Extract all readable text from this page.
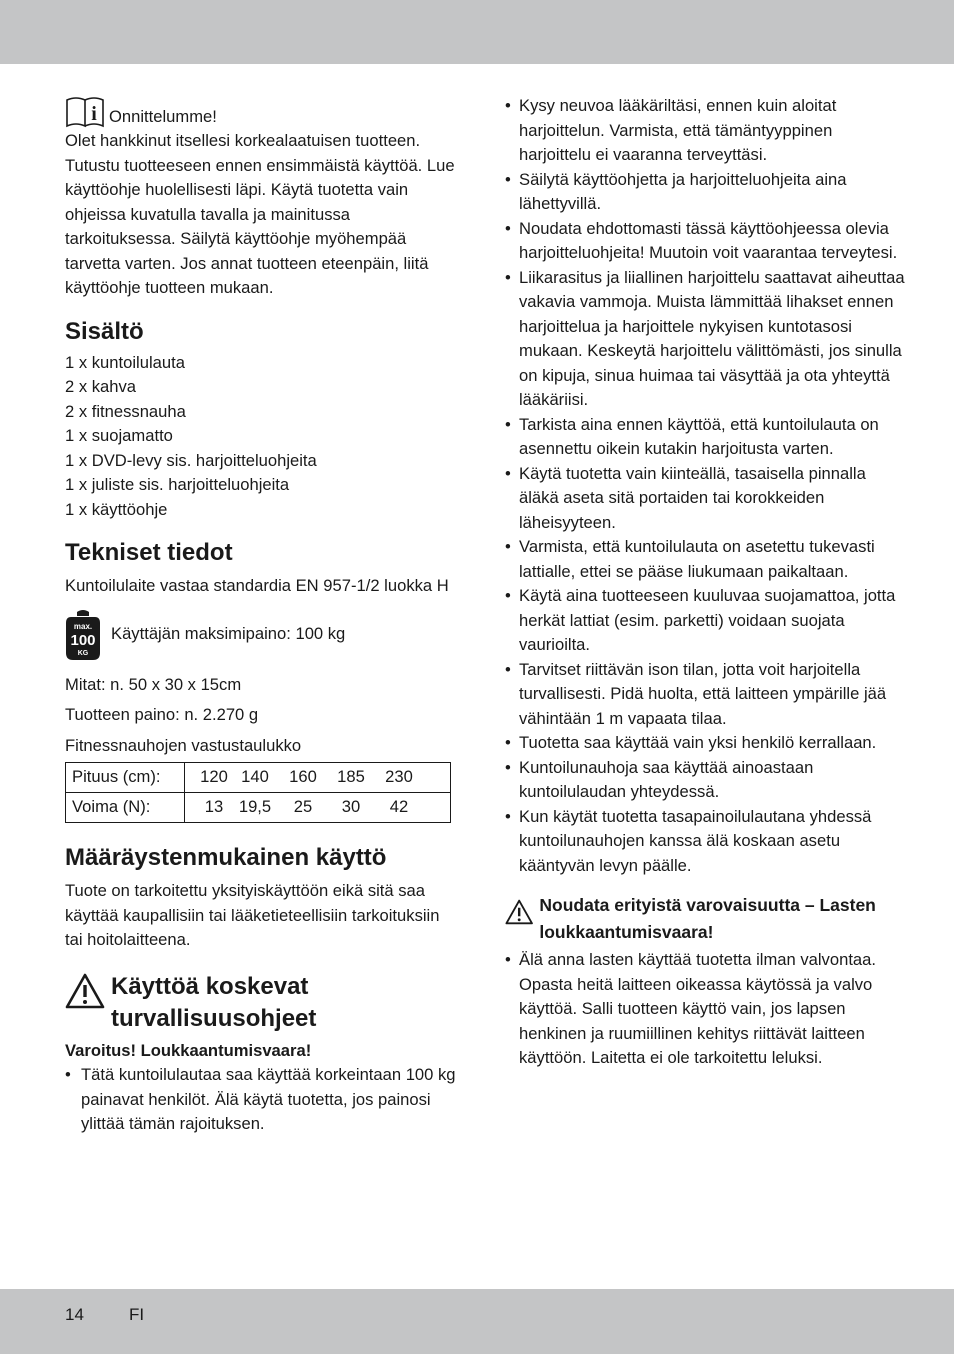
i Onnittelumme!

Olet hankkinut itsellesi korkealaatuisen tuotteen. Tutustu tuotteeseen ennen ensimmäistä käyttöä. Lue käyttöohje huolellisesti läpi. Käytä tuotetta vain ohjeissa kuvatulla tavalla ja mainitussa tarkoituksessa. Säilytä käyttöohje myöhempää tarvetta varten. Jos annat tuotteen eteenpäin, liitä käyttöohje tuotteen mukaan.

Sisältö
1 x kuntoilulauta
2 x kahva
2 x fitnessnauha
1 x suojamatto
1 x DVD-levy sis. harjoitteluohjeita
1 x juliste sis. harjoitteluohjeita
1 x käyttöohje
Tekniset tiedot

Kuntoilulaite vastaa standardia EN 957-1/2 luokka H

max.
100
KG
Käyttäjän maksimipaino: 100 kg

Mitat: n. 50 x 30 x 15cm

Tuotteen paino: n. 2.270 g

Fitnessnauhojen vastustaulukko

Pituus (cm):	120 140 160 185 230
Voima (N):	13 19,5 25 30 42
Määräystenmukainen käyttö

Tuote on tarkoitettu yksityiskäyttöön eikä sitä saa käyttää kaupallisiin tai lääketieteellisiin tarkoituksiin tai hoitolaitteena.

Käyttöä koskevat
turvallisuusohjeet

Varoitus! Loukkaantumisvaara!

• Tätä kuntoilulautaa saa käyttää korkeintaan 100 kg painavat henkilöt. Älä käytä tuotetta, jos painosi ylittää tämän rajoituksen.
• Kysy neuvoa lääkäriltäsi, ennen kuin aloitat harjoittelun. Varmista, että tämäntyyppinen harjoittelu ei vaaranna terveyttäsi.
• Säilytä käyttöohjetta ja harjoitteluohjeita aina lähettyvillä.
• Noudata ehdottomasti tässä käyttöohjeessa olevia harjoitteluohjeita! Muutoin voit vaarantaa terveytesi.
• Liikarasitus ja liiallinen harjoittelu saattavat aiheuttaa vakavia vammoja. Muista lämmittää lihakset ennen harjoittelua ja harjoittele nykyisen kuntotasosi mukaan. Keskeytä harjoittelu välittömästi, jos sinulla on kipuja, sinua huimaa tai väsyttää ja ota yhteyttä lääkäriisi.
• Tarkista aina ennen käyttöä, että kuntoilulauta on asennettu oikein kutakin harjoitusta varten.
• Käytä tuotetta vain kiinteällä, tasaisella pinnalla äläkä aseta sitä portaiden tai korokkeiden läheisyyteen.
• Varmista, että kuntoilulauta on asetettu tukevasti lattialle, ettei se pääse liukumaan paikaltaan.
• Käytä aina tuotteeseen kuuluvaa suojamattoa, jotta herkät lattiat (esim. parketti) voidaan suojata vaurioilta.
• Tarvitset riittävän ison tilan, jotta voit harjoitella turvallisesti. Pidä huolta, että laitteen ympärille jää vähintään 1 m vapaata tilaa.
• Tuotetta saa käyttää vain yksi henkilö kerrallaan.
• Kuntoilunauhoja saa käyttää ainoastaan kuntoilulaudan yhteydessä.
• Kun käytät tuotetta tasapainoilulautana yhdessä kuntoilunauhojen kanssa älä koskaan asetu kääntyvän levyn päälle.
Noudata erityistä varovaisuutta – Lasten loukkaantumisvaara!
• Älä anna lasten käyttää tuotetta ilman valvontaa. Opasta heitä laitteen oikeassa käytössä ja valvo käyttöä. Salli tuotteen käyttö vain, jos lapsen henkinen ja ruumiillinen kehitys riittävät laitteen käyttöön. Laitetta ei ole tarkoitettu leluksi.
14	FI
